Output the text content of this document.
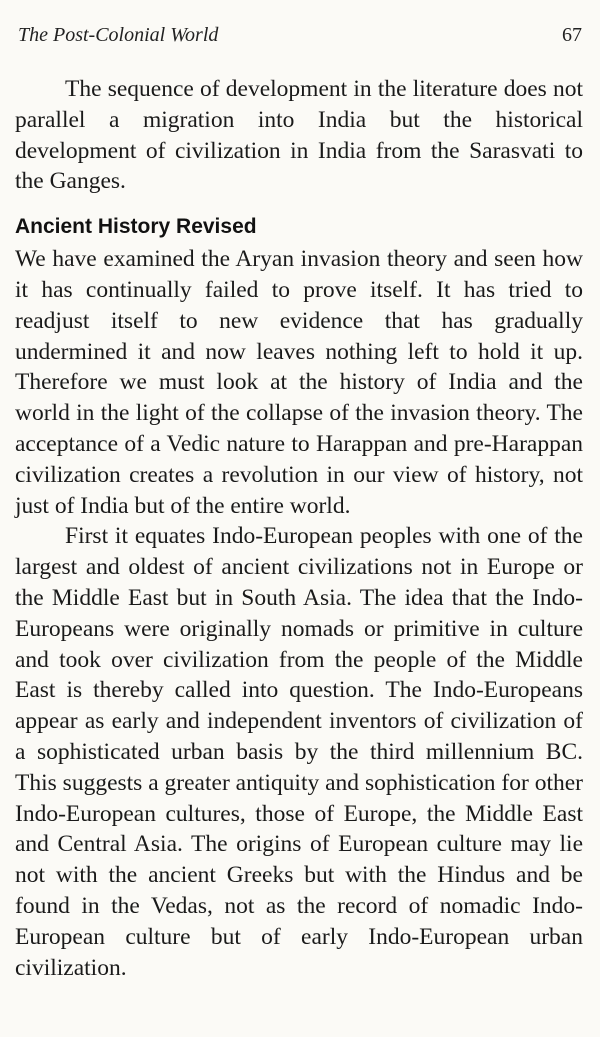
The Post-Colonial World	67

The sequence of development in the literature does not parallel a migration into India but the historical development of civilization in India from the Sarasvati to the Ganges.

Ancient History Revised

We have examined the Aryan invasion theory and seen how it has continually failed to prove itself. It has tried to readjust itself to new evidence that has gradually undermined it and now leaves nothing left to hold it up. Therefore we must look at the history of India and the world in the light of the collapse of the invasion theory. The acceptance of a Vedic nature to Harappan and pre-Harappan civilization creates a revolution in our view of history, not just of India but of the entire world.

First it equates Indo-European peoples with one of the largest and oldest of ancient civilizations not in Europe or the Middle East but in South Asia. The idea that the Indo-Europeans were originally nomads or primitive in culture and took over civilization from the people of the Middle East is thereby called into question. The Indo-Europeans appear as early and independent inventors of civilization of a sophisticated urban basis by the third millennium BC. This suggests a greater antiquity and sophistication for other Indo-European cultures, those of Europe, the Middle East and Central Asia. The origins of European culture may lie not with the ancient Greeks but with the Hindus and be found in the Vedas, not as the record of nomadic Indo-European culture but of early Indo-European urban civilization.
